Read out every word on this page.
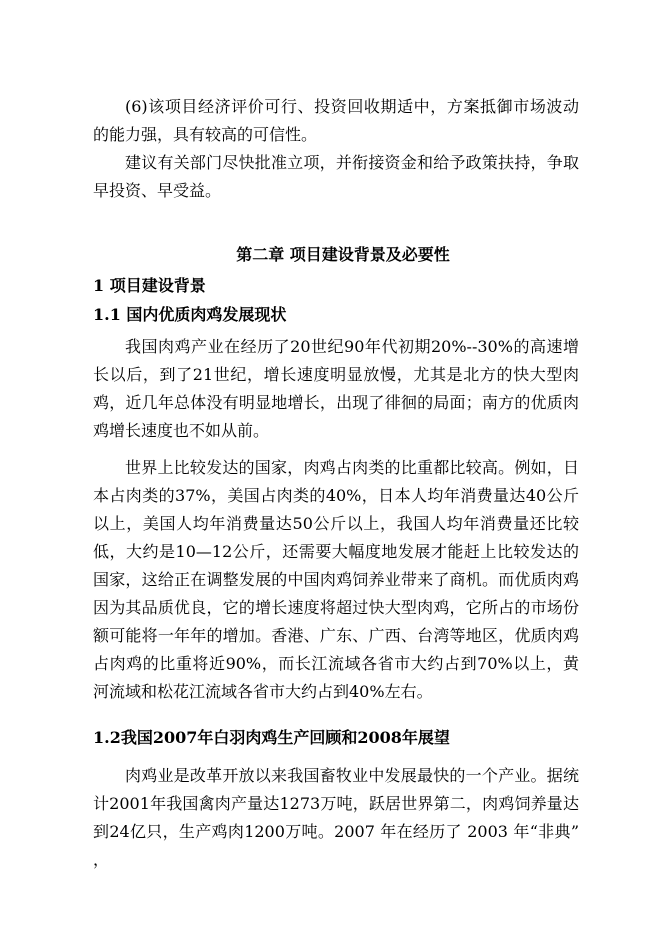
(6)该项目经济评价可行、投资回收期适中，方案抵御市场波动的能力强，具有较高的可信性。

建议有关部门尽快批准立项，并衔接资金和给予政策扶持，争取早投资、早受益。

第二章 项目建设背景及必要性
1 项目建设背景
1.1 国内优质肉鸡发展现状

我国肉鸡产业在经历了20世纪90年代初期20%--30%的高速增长以后，到了21世纪，增长速度明显放慢，尤其是北方的快大型肉鸡，近几年总体没有明显地增长，出现了徘徊的局面；南方的优质肉鸡增长速度也不如从前。

世界上比较发达的国家，肉鸡占肉类的比重都比较高。例如，日本占肉类的37%，美国占肉类的40%，日本人均年消费量达40公斤以上，美国人均年消费量达50公斤以上，我国人均年消费量还比较低，大约是10—12公斤，还需要大幅度地发展才能赶上比较发达的国家，这给正在调整发展的中国肉鸡饲养业带来了商机。而优质肉鸡因为其品质优良，它的增长速度将超过快大型肉鸡，它所占的市场份额可能将一年年的增加。香港、广东、广西、台湾等地区，优质肉鸡占肉鸡的比重将近90%，而长江流域各省市大约占到70%以上，黄河流域和松花江流域各省市大约占到40%左右。

1.2我国2007年白羽肉鸡生产回顾和2008年展望

肉鸡业是改革开放以来我国畜牧业中发展最快的一个产业。据统计2001年我国禽肉产量达1273万吨，跃居世界第二，肉鸡饲养量达到24亿只，生产鸡肉1200万吨。2007 年在经历了 2003 年“非典” ，
